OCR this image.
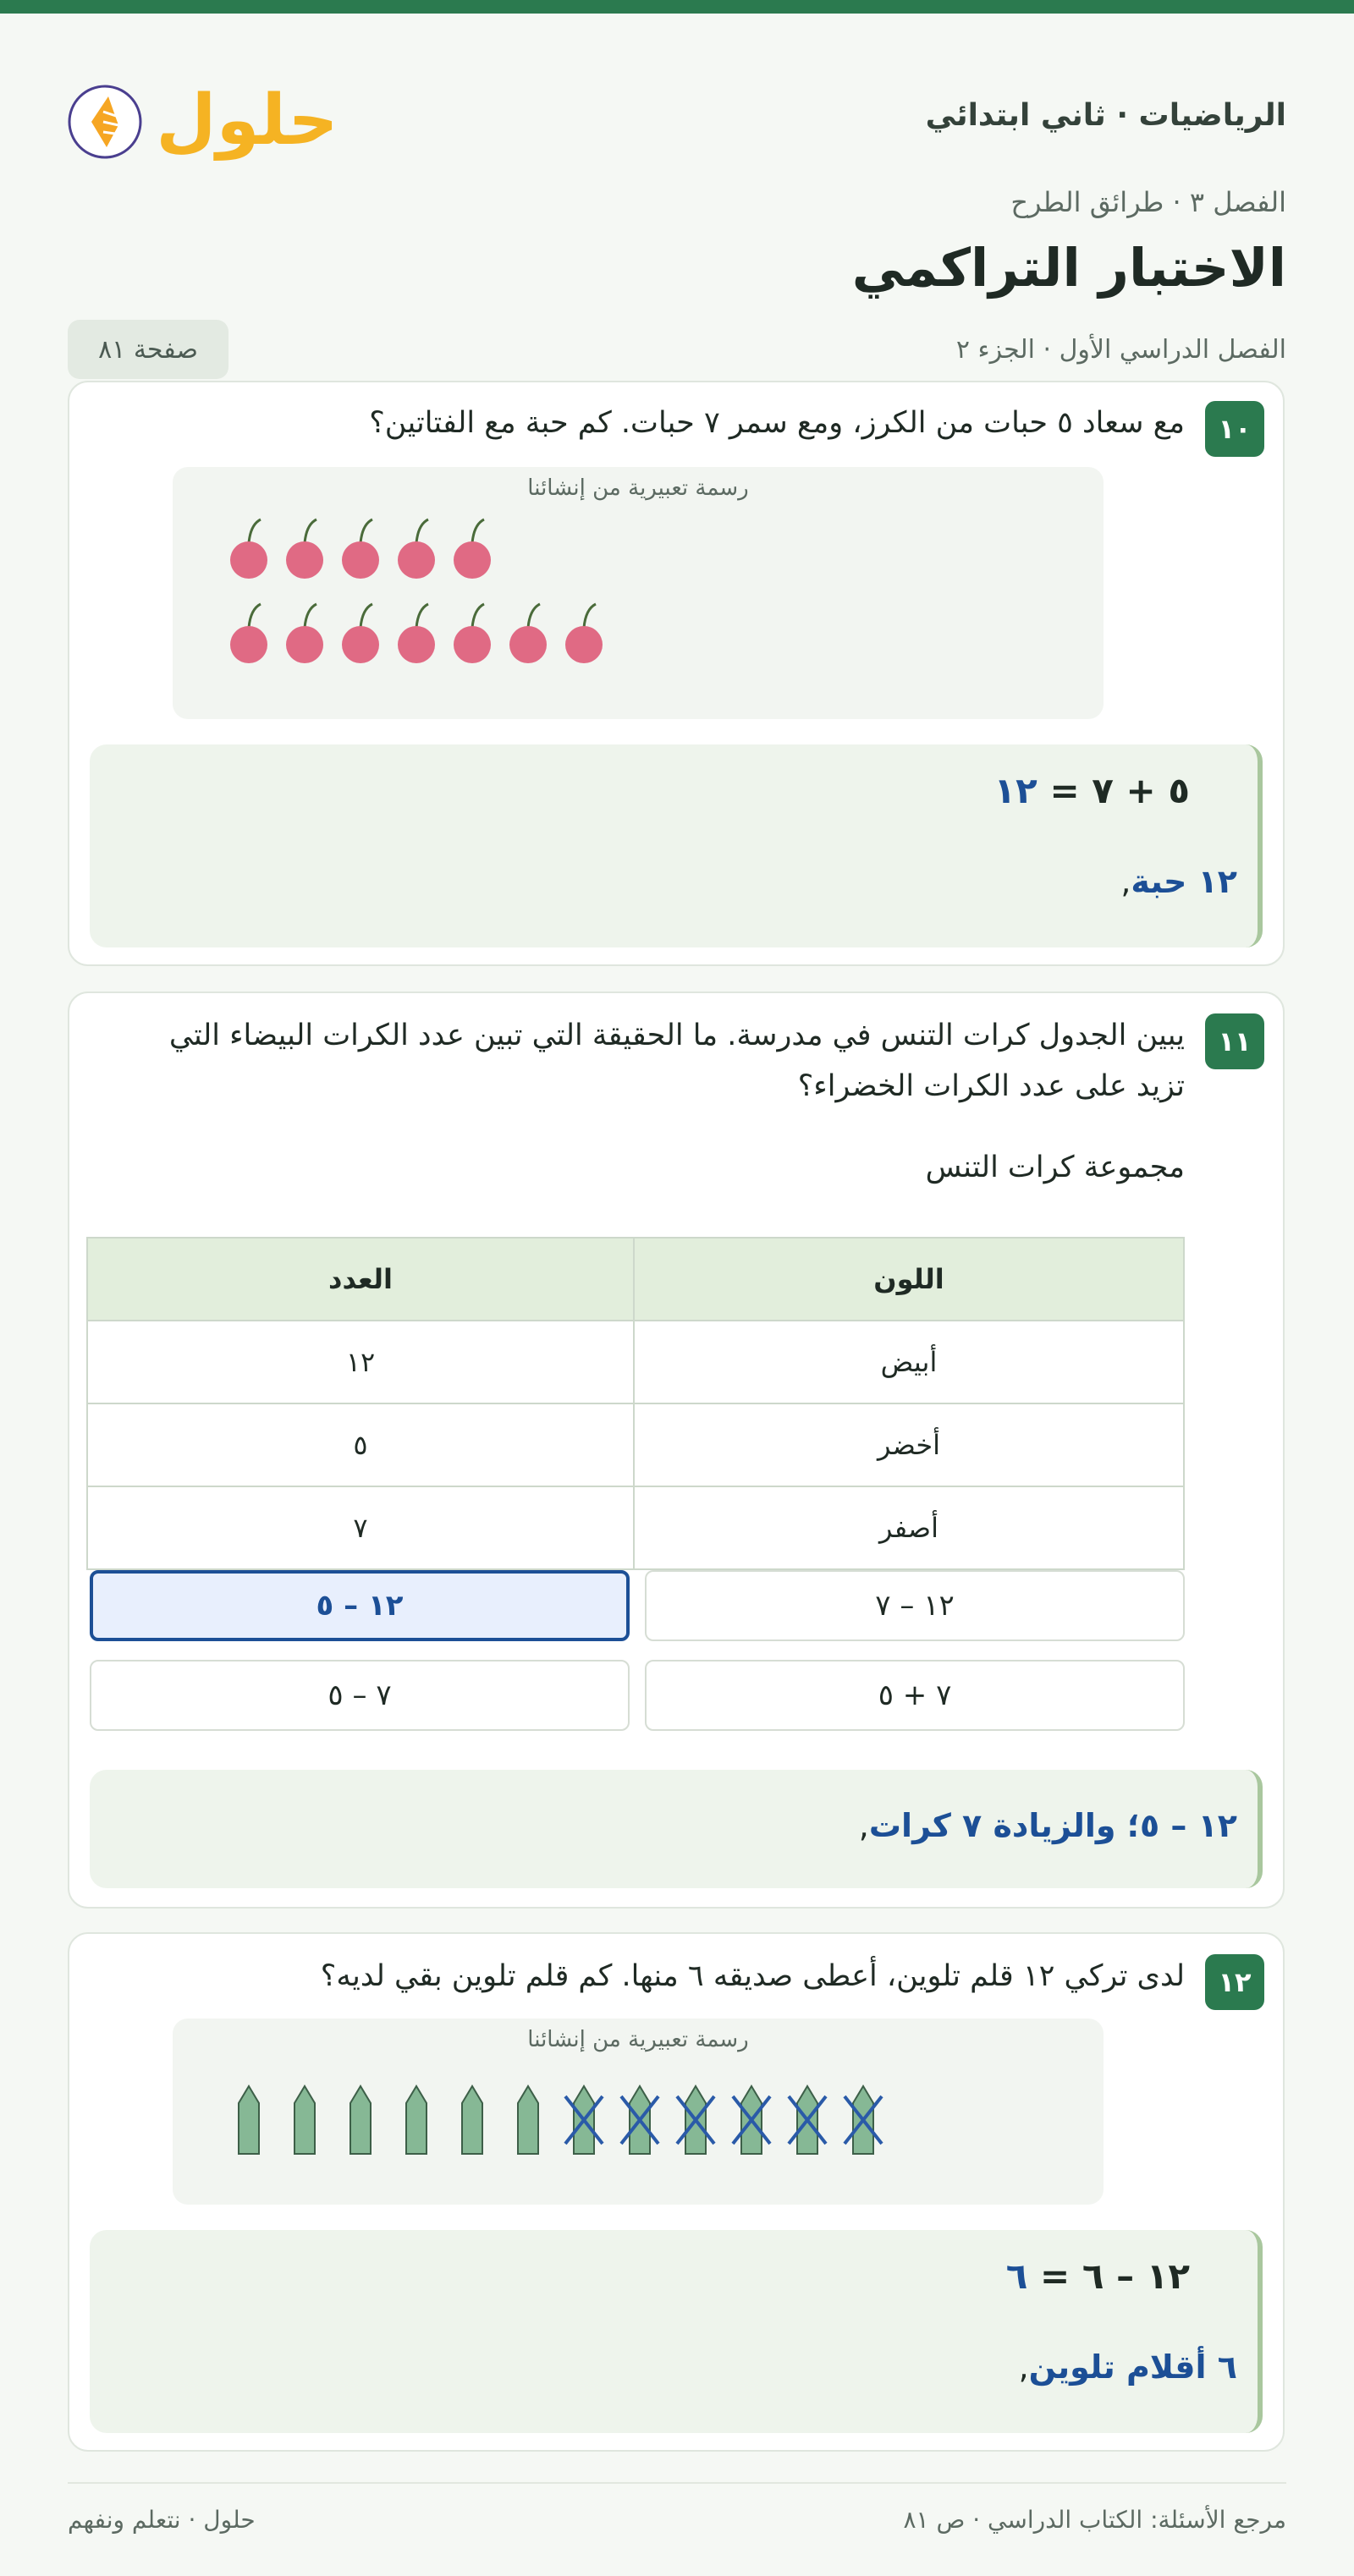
الرياضيات · ثاني ابتدائي
حلول
الفصل ٣ · طرائق الطرح
الاختبار التراكمي
الفصل الدراسي الأول · الجزء ٢
صفحة ٨١
١٠
مع سعاد ٥ حبات من الكرز، ومع سمر ٧ حبات. كم حبة مع الفتاتين؟
رسمة تعبيرية من إنشائنا
٥ + ٧ = ١٢
١٢ حبة,
١١
يبين الجدول كرات التنس في مدرسة. ما الحقيقة التي تبين عدد الكرات البيضاء التي
تزيد على عدد الكرات الخضراء؟
مجموعة كرات التنس
اللون	العدد
أبيض	١٢
أخضر	٥
أصفر	٧
١٢ – ٧
١٢ – ٥
٧ + ٥
٧ – ٥
١٢ – ٥؛ والزيادة ٧ كرات,
١٢
لدى تركي ١٢ قلم تلوين، أعطى صديقه ٦ منها. كم قلم تلوين بقي لديه؟
رسمة تعبيرية من إنشائنا
١٢ – ٦ = ٦
٦ أقلام تلوين,
مرجع الأسئلة: الكتاب الدراسي · ص ٨١
حلول · نتعلم ونفهم
